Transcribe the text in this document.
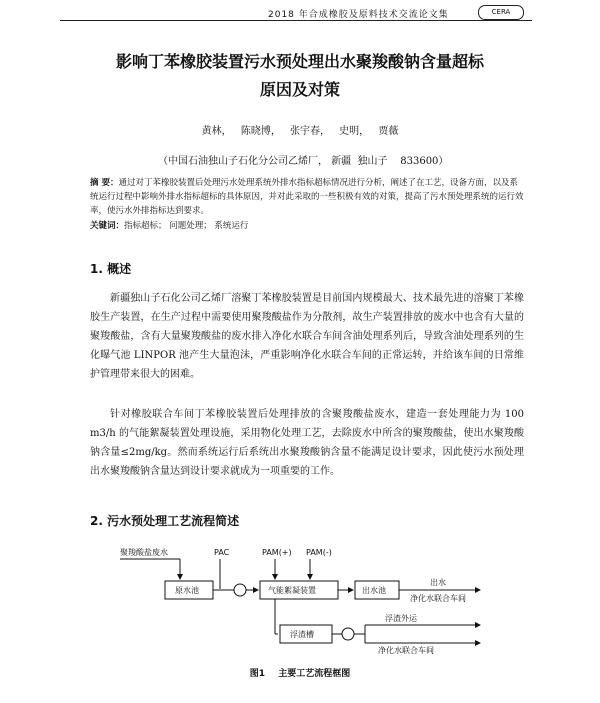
2018 年合成橡胶及原料技术交流论文集	CERA
影响丁苯橡胶装置污水预处理出水聚羧酸钠含量超标
原因及对策
黄林， 陈晓博， 张宇春， 史明， 贾薇
（中国石油独山子石化分公司乙烯厂， 新疆  独山子    833600）
摘 要：通过对丁苯橡胶装置后处理污水处理系统外排水指标超标情况进行分析，阐述了在工艺，设备方面，以及系统运行过程中影响外排水指标超标的具体原因，并对此采取的一些积极有效的对策，提高了污水预处理系统的运行效率，使污水外排指标达到要求。
关键词：指标超标； 问题处理； 系统运行
1. 概述
新疆独山子石化公司乙烯厂溶聚丁苯橡胶装置是目前国内规模最大、技术最先进的溶聚丁苯橡胶生产装置，在生产过程中需要使用聚羧酸盐作为分散剂，故生产装置排放的废水中也含有大量的聚羧酸盐，含有大量聚羧酸盐的废水排入净化水联合车间含油处理系列后，导致含油处理系列的生化曝气池 LINPOR 池产生大量泡沫，严重影响净化水联合车间的正常运转，并给该车间的日常维护管理带来很大的困难。
针对橡胶联合车间丁苯橡胶装置后处理排放的含聚羧酸盐废水，建造一套处理能力为 100 m3/h 的气能絮凝装置处理设施，采用物化处理工艺，去除废水中所含的聚羧酸盐，使出水聚羧酸钠含量≤2mg/kg。然而系统运行后系统出水聚羧酸钠含量不能满足设计要求，因此使污水预处理出水聚羧酸钠含量达到设计要求就成为一项重要的工作。
2. 污水预处理工艺流程简述
聚羧酸盐废水	PAC	PAM(+) PAM(-)
原水池	气能絮凝装置	出水池
出水
净化水联合车间
浮渣槽
浮渣外运
净化水联合车间
图1 主要工艺流程框图
